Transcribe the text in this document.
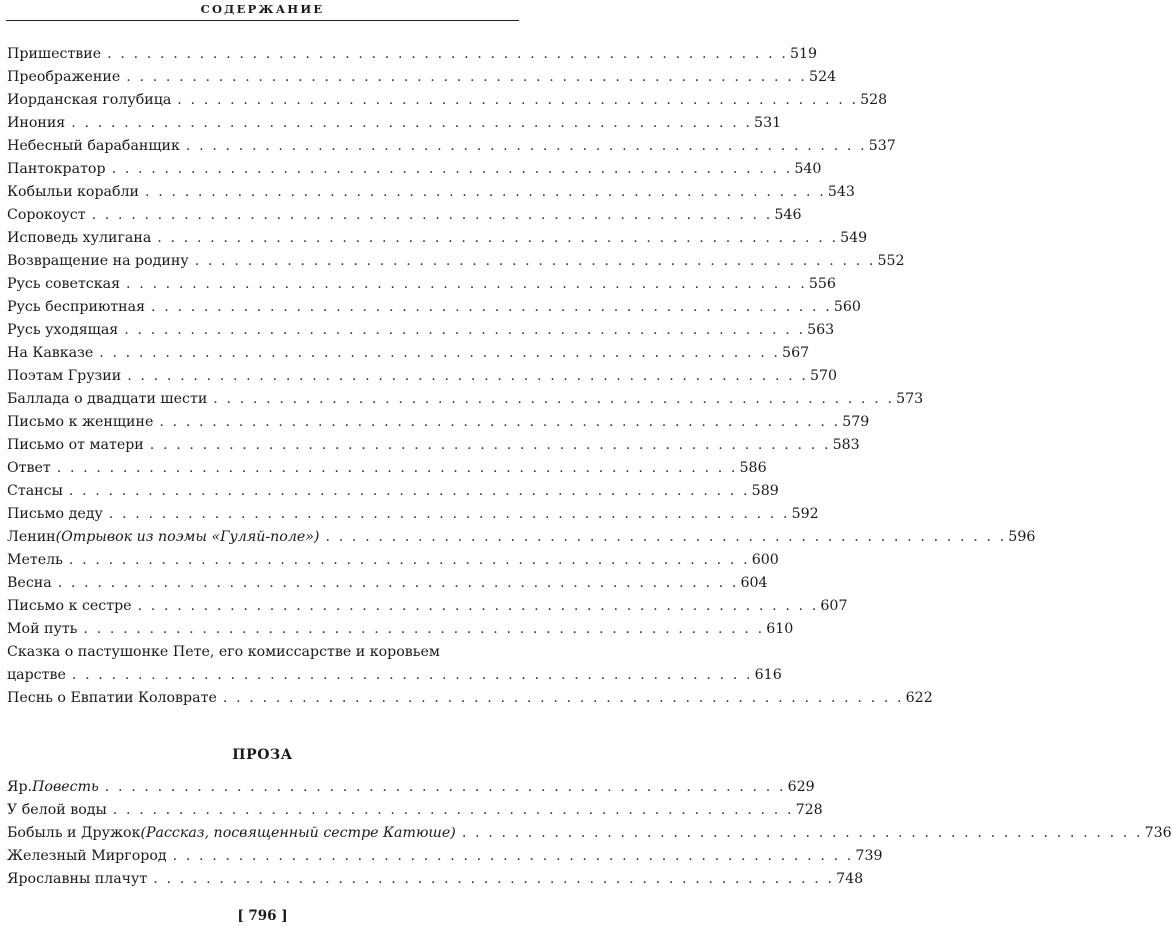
СОДЕРЖАНИЕ
Пришествие . . . . . . . . . . . . . . . . . . . . . . . . . . . . . . . . . . . . . . . . . . . . . . . . . . . . 519
Преображение . . . . . . . . . . . . . . . . . . . . . . . . . . . . . . . . . . . . . . . . . . . . . . . . . . . . 524
Иорданская голубица . . . . . . . . . . . . . . . . . . . . . . . . . . . . . . . . . . . . . . . . . . . . . . . . . . . . 528
Инония . . . . . . . . . . . . . . . . . . . . . . . . . . . . . . . . . . . . . . . . . . . . . . . . . . . . 531
Небесный барабанщик . . . . . . . . . . . . . . . . . . . . . . . . . . . . . . . . . . . . . . . . . . . . . . . . . . . . 537
Пантократор . . . . . . . . . . . . . . . . . . . . . . . . . . . . . . . . . . . . . . . . . . . . . . . . . . . . 540
Кобыльи корабли . . . . . . . . . . . . . . . . . . . . . . . . . . . . . . . . . . . . . . . . . . . . . . . . . . . . 543
Сорокоуст . . . . . . . . . . . . . . . . . . . . . . . . . . . . . . . . . . . . . . . . . . . . . . . . . . . . 546
Исповедь хулигана . . . . . . . . . . . . . . . . . . . . . . . . . . . . . . . . . . . . . . . . . . . . . . . . . . . . 549
Возвращение на родину . . . . . . . . . . . . . . . . . . . . . . . . . . . . . . . . . . . . . . . . . . . . . . . . . . . . 552
Русь советская . . . . . . . . . . . . . . . . . . . . . . . . . . . . . . . . . . . . . . . . . . . . . . . . . . . . 556
Русь бесприютная . . . . . . . . . . . . . . . . . . . . . . . . . . . . . . . . . . . . . . . . . . . . . . . . . . . . 560
Русь уходящая . . . . . . . . . . . . . . . . . . . . . . . . . . . . . . . . . . . . . . . . . . . . . . . . . . . . 563
На Кавказе . . . . . . . . . . . . . . . . . . . . . . . . . . . . . . . . . . . . . . . . . . . . . . . . . . . . 567
Поэтам Грузии . . . . . . . . . . . . . . . . . . . . . . . . . . . . . . . . . . . . . . . . . . . . . . . . . . . . 570
Баллада о двадцати шести . . . . . . . . . . . . . . . . . . . . . . . . . . . . . . . . . . . . . . . . . . . . . . . . . . . . 573
Письмо к женщине . . . . . . . . . . . . . . . . . . . . . . . . . . . . . . . . . . . . . . . . . . . . . . . . . . . . 579
Письмо от матери . . . . . . . . . . . . . . . . . . . . . . . . . . . . . . . . . . . . . . . . . . . . . . . . . . . . 583
Ответ . . . . . . . . . . . . . . . . . . . . . . . . . . . . . . . . . . . . . . . . . . . . . . . . . . . . 586
Стансы . . . . . . . . . . . . . . . . . . . . . . . . . . . . . . . . . . . . . . . . . . . . . . . . . . . . 589
Письмо деду . . . . . . . . . . . . . . . . . . . . . . . . . . . . . . . . . . . . . . . . . . . . . . . . . . . . 592
Ленин (Отрывок из поэмы «Гуляй-поле») . . . . . . . . . . . . . . . . . . . . . . . . . . . . . . . . . . . . . . . . . . . . . . . . . . . . 596
Метель . . . . . . . . . . . . . . . . . . . . . . . . . . . . . . . . . . . . . . . . . . . . . . . . . . . . 600
Весна . . . . . . . . . . . . . . . . . . . . . . . . . . . . . . . . . . . . . . . . . . . . . . . . . . . . 604
Письмо к сестре . . . . . . . . . . . . . . . . . . . . . . . . . . . . . . . . . . . . . . . . . . . . . . . . . . . . 607
Мой путь . . . . . . . . . . . . . . . . . . . . . . . . . . . . . . . . . . . . . . . . . . . . . . . . . . . . 610
Сказка о пастушонке Пете, его комиссарстве и коровьем
царстве . . . . . . . . . . . . . . . . . . . . . . . . . . . . . . . . . . . . . . . . . . . . . . . . . . . . 616
Песнь о Евпатии Коловрате . . . . . . . . . . . . . . . . . . . . . . . . . . . . . . . . . . . . . . . . . . . . . . . . . . . . 622
ПРОЗА
Яр. Повесть . . . . . . . . . . . . . . . . . . . . . . . . . . . . . . . . . . . . . . . . . . . . . . . . . . . . 629
У белой воды . . . . . . . . . . . . . . . . . . . . . . . . . . . . . . . . . . . . . . . . . . . . . . . . . . . . 728
Бобыль и Дружок (Рассказ, посвященный сестре Катюше) . . . . . . . . . . . . . . . . . . . . . . . . . . . . . . . . . . . . . . . . . . . . . . . . . . . . 736
Железный Миргород . . . . . . . . . . . . . . . . . . . . . . . . . . . . . . . . . . . . . . . . . . . . . . . . . . . . 739
Ярославны плачут . . . . . . . . . . . . . . . . . . . . . . . . . . . . . . . . . . . . . . . . . . . . . . . . . . . . 748
[ 796 ]
